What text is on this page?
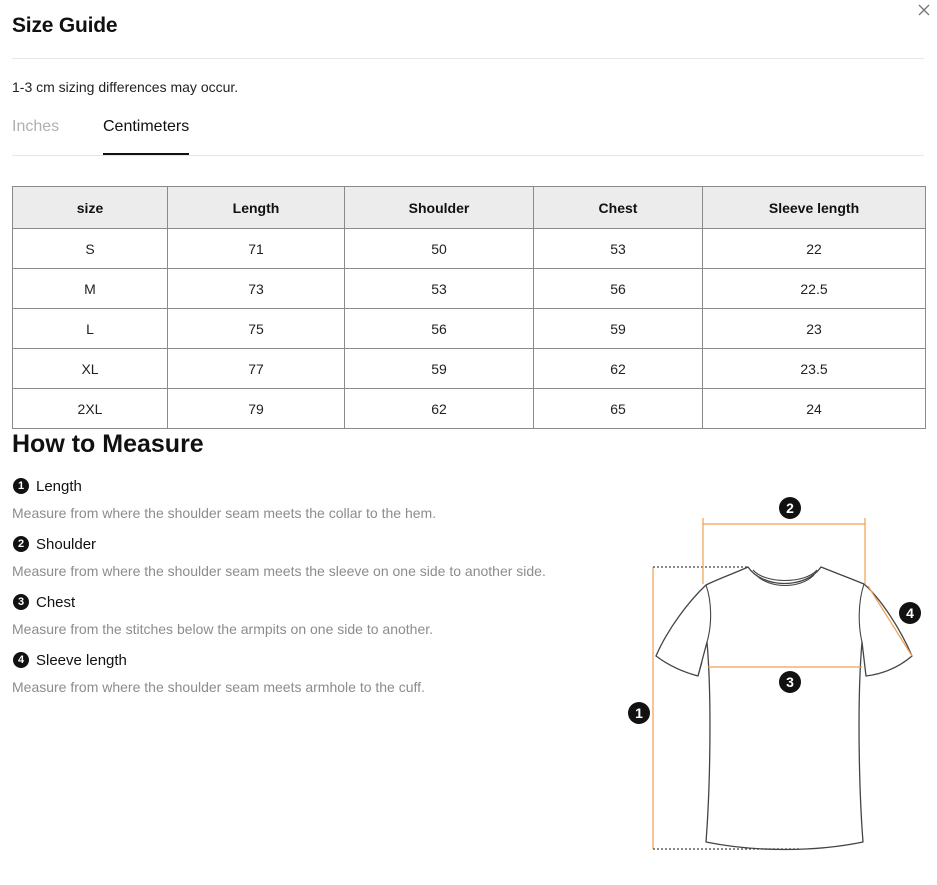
Size Guide
1-3 cm sizing differences may occur.
Inches	Centimeters
size	Length	Shoulder	Chest	Sleeve length
S	71	50	53	22
M	73	53	56	22.5
L	75	56	59	23
XL	77	59	62	23.5
2XL	79	62	65	24
How to Measure
1 Length
Measure from where the shoulder seam meets the collar to the hem.
2 Shoulder
Measure from where the shoulder seam meets the sleeve on one side to another side.
3 Chest
Measure from the stitches below the armpits on one side to another.
4 Sleeve length
Measure from where the shoulder seam meets armhole to the cuff.
1
2
3
4
